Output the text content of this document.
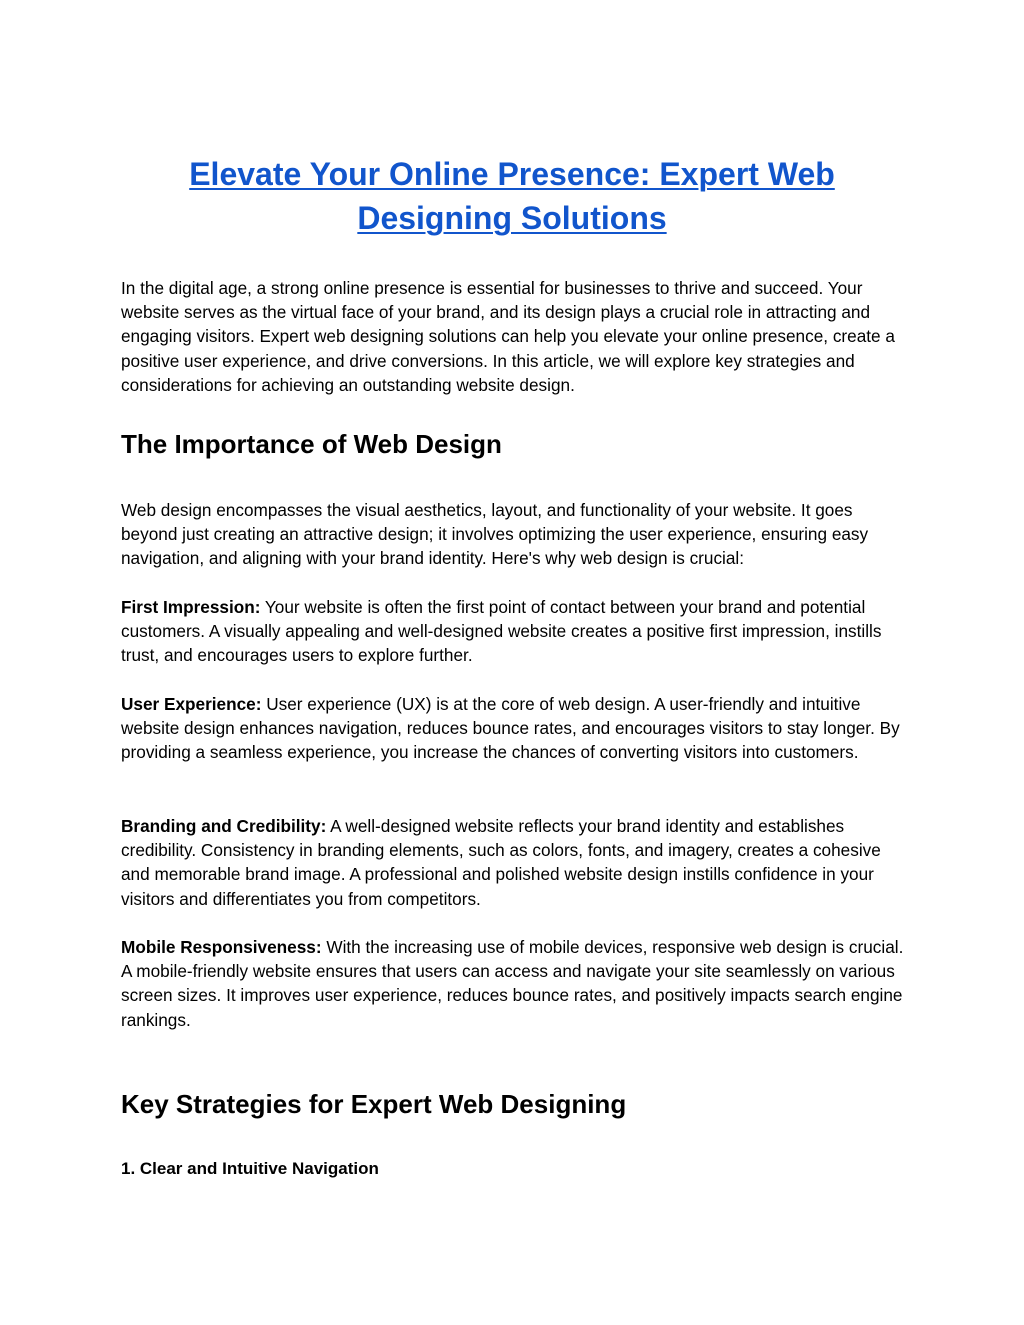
Elevate Your Online Presence: Expert Web Designing Solutions

In the digital age, a strong online presence is essential for businesses to thrive and succeed. Your website serves as the virtual face of your brand, and its design plays a crucial role in attracting and engaging visitors. Expert web designing solutions can help you elevate your online presence, create a positive user experience, and drive conversions. In this article, we will explore key strategies and considerations for achieving an outstanding website design.

The Importance of Web Design

Web design encompasses the visual aesthetics, layout, and functionality of your website. It goes beyond just creating an attractive design; it involves optimizing the user experience, ensuring easy navigation, and aligning with your brand identity. Here's why web design is crucial:

First Impression: Your website is often the first point of contact between your brand and potential customers. A visually appealing and well-designed website creates a positive first impression, instills trust, and encourages users to explore further.

User Experience: User experience (UX) is at the core of web design. A user-friendly and intuitive website design enhances navigation, reduces bounce rates, and encourages visitors to stay longer. By providing a seamless experience, you increase the chances of converting visitors into customers.

Branding and Credibility: A well-designed website reflects your brand identity and establishes credibility. Consistency in branding elements, such as colors, fonts, and imagery, creates a cohesive and memorable brand image. A professional and polished website design instills confidence in your visitors and differentiates you from competitors.

Mobile Responsiveness: With the increasing use of mobile devices, responsive web design is crucial. A mobile-friendly website ensures that users can access and navigate your site seamlessly on various screen sizes. It improves user experience, reduces bounce rates, and positively impacts search engine rankings.

Key Strategies for Expert Web Designing
1. Clear and Intuitive Navigation
